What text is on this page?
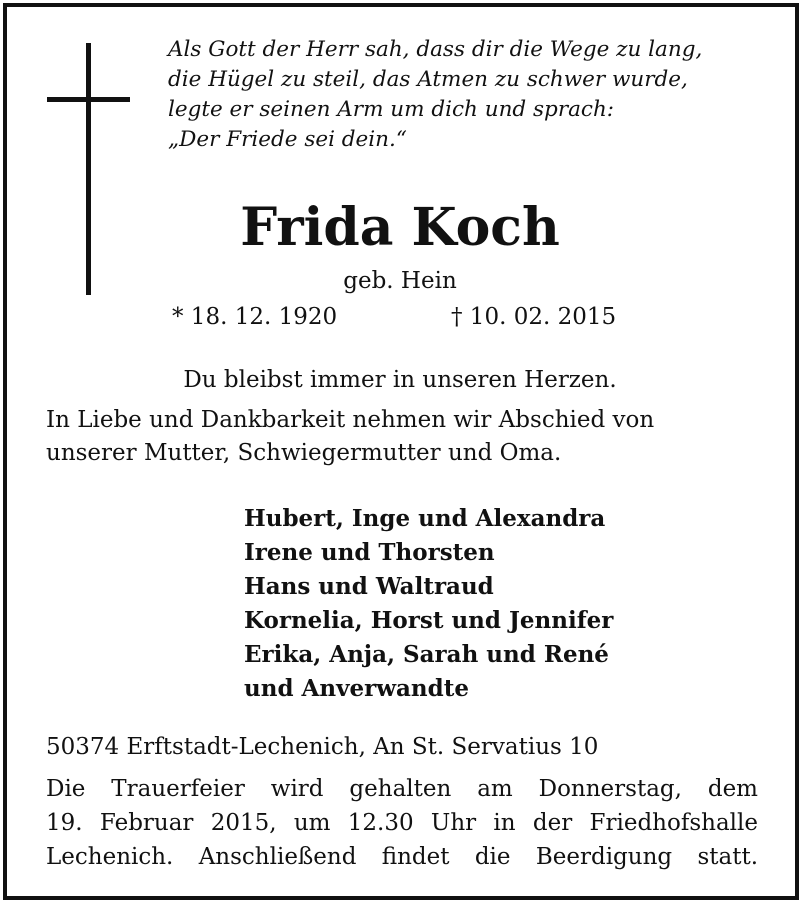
Als Gott der Herr sah, dass dir die Wege zu lang,
die Hügel zu steil, das Atmen zu schwer wurde,
legte er seinen Arm um dich und sprach:
„Der Friede sei dein.“
Frida Koch
geb. Hein
* 18. 12. 1920	† 10. 02. 2015
Du bleibst immer in unseren Herzen.
In Liebe und Dankbarkeit nehmen wir Abschied von
unserer Mutter, Schwiegermutter und Oma.
Hubert, Inge und Alexandra
Irene und Thorsten
Hans und Waltraud
Kornelia, Horst und Jennifer
Erika, Anja, Sarah und René
und Anverwandte
50374 Erftstadt-Lechenich, An St. Servatius 10
Die Trauerfeier wird gehalten am Donnerstag, dem
19. Februar 2015, um 12.30 Uhr in der Friedhofshalle
Lechenich. Anschließend findet die Beerdigung statt.
